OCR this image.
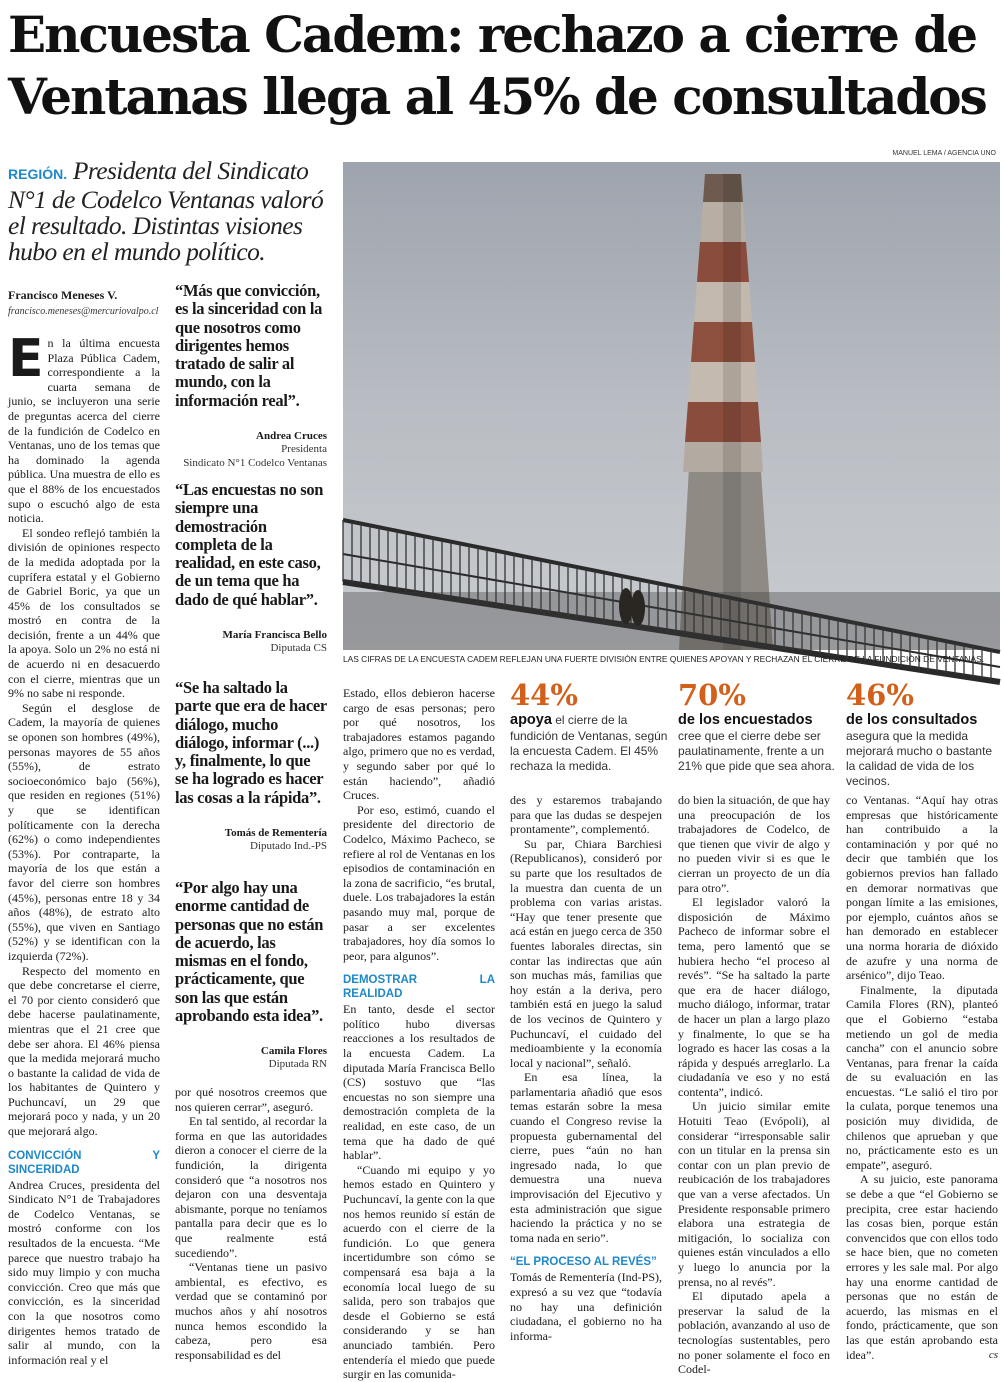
Encuesta Cadem: rechazo a cierre de
Ventanas llega al 45% de consultados
REGIÓN. Presidenta del Sindicato N°1 de Codelco Ventanas valoró el resultado. Distintas visiones hubo en el mundo político.
MANUEL LEMA / AGENCIA UNO
LAS CIFRAS DE LA ENCUESTA CADEM REFLEJAN UNA FUERTE DIVISIÓN ENTRE QUIENES APOYAN Y RECHAZAN EL CIERRE DE LA FUNDICIÓN DE VENTANAS.
Francisco Meneses V.
francisco.meneses@mercuriovalpo.cl
E n la última encuesta Plaza Pública Cadem, correspondiente a la cuarta semana de junio, se incluyeron una serie de preguntas acerca del cierre de la fundición de Codelco en Ventanas, uno de los temas que ha dominado la agenda pública. Una muestra de ello es que el 88% de los encuestados supo o escuchó algo de esta noticia.

El sondeo reflejó también la división de opiniones respecto de la medida adoptada por la cuprífera estatal y el Gobierno de Gabriel Boric, ya que un 45% de los consultados se mostró en contra de la decisión, frente a un 44% que la apoya. Solo un 2% no está ni de acuerdo ni en desacuerdo con el cierre, mientras que un 9% no sabe ni responde.

Según el desglose de Cadem, la mayoría de quienes se oponen son hombres (49%), personas mayores de 55 años (55%), de estrato socioeconómico bajo (56%), que residen en regiones (51%) y que se identifican políticamente con la derecha (62%) o como independientes (53%). Por contraparte, la mayoría de los que están a favor del cierre son hombres (45%), personas entre 18 y 34 años (48%), de estrato alto (55%), que viven en Santiago (52%) y se identifican con la izquierda (72%).

Respecto del momento en que debe concretarse el cierre, el 70 por ciento consideró que debe hacerse paulatinamente, mientras que el 21 cree que debe ser ahora. El 46% piensa que la medida mejorará mucho o bastante la calidad de vida de los habitantes de Quintero y Puchuncaví, un 29 que mejorará poco y nada, y un 20 que mejorará algo.

CONVICCIÓN Y SINCERIDAD

Andrea Cruces, presidenta del Sindicato N°1 de Trabajadores de Codelco Ventanas, se mostró conforme con los resultados de la encuesta. “Me parece que nuestro trabajo ha sido muy limpio y con mucha convicción. Creo que más que convicción, es la sinceridad con la que nosotros como dirigentes hemos tratado de salir al mundo, con la información real y el

por qué nosotros creemos que nos quieren cerrar”, aseguró.

En tal sentido, al recordar la forma en que las autoridades dieron a conocer el cierre de la fundición, la dirigenta consideró que “a nosotros nos dejaron con una desventaja abismante, porque no teníamos pantalla para decir que es lo que realmente está sucediendo”.

“Ventanas tiene un pasivo ambiental, es efectivo, es verdad que se contaminó por muchos años y ahí nosotros nunca hemos escondido la cabeza, pero esa responsabilidad es del

Estado, ellos debieron hacerse cargo de esas personas; pero por qué nosotros, los trabajadores estamos pagando algo, primero que no es verdad, y segundo saber por qué lo están haciendo”, añadió Cruces.

Por eso, estimó, cuando el presidente del directorio de Codelco, Máximo Pacheco, se refiere al rol de Ventanas en los episodios de contaminación en la zona de sacrificio, “es brutal, duele. Los trabajadores la están pasando muy mal, porque de pasar a ser excelentes trabajadores, hoy día somos lo peor, para algunos”.

DEMOSTRAR LA REALIDAD

En tanto, desde el sector político hubo diversas reacciones a los resultados de la encuesta Cadem. La diputada María Francisca Bello (CS) sostuvo que “las encuestas no son siempre una demostración completa de la realidad, en este caso, de un tema que ha dado de qué hablar”.

“Cuando mi equipo y yo hemos estado en Quintero y Puchuncaví, la gente con la que nos hemos reunido sí están de acuerdo con el cierre de la fundición. Lo que genera incertidumbre son cómo se compensará esa baja a la economía local luego de su salida, pero son trabajos que desde el Gobierno se está considerando y se han anunciado también. Pero entendería el miedo que puede surgir en las comunida-

des y estaremos trabajando para que las dudas se despejen prontamente”, complementó.

Su par, Chiara Barchiesi (Republicanos), consideró por su parte que los resultados de la muestra dan cuenta de un problema con varias aristas. “Hay que tener presente que acá están en juego cerca de 350 fuentes laborales directas, sin contar las indirectas que aún son muchas más, familias que hoy están a la deriva, pero también está en juego la salud de los vecinos de Quintero y Puchuncaví, el cuidado del medioambiente y la economía local y nacional”, señaló.

En esa línea, la parlamentaria añadió que esos temas estarán sobre la mesa cuando el Congreso revise la propuesta gubernamental del cierre, pues “aún no han ingresado nada, lo que demuestra una nueva improvisación del Ejecutivo y esta administración que sigue haciendo la práctica y no se toma nada en serio”.

“EL PROCESO AL REVÉS”

Tomás de Rementería (Ind-PS), expresó a su vez que “todavía no hay una definición ciudadana, el gobierno no ha informa-

do bien la situación, de que hay una preocupación de los trabajadores de Codelco, de que tienen que vivir de algo y no pueden vivir si es que le cierran un proyecto de un día para otro”.

El legislador valoró la disposición de Máximo Pacheco de informar sobre el tema, pero lamentó que se hubiera hecho “el proceso al revés”. “Se ha saltado la parte que era de hacer diálogo, mucho diálogo, informar, tratar de hacer un plan a largo plazo y finalmente, lo que se ha logrado es hacer las cosas a la rápida y después arreglarlo. La ciudadanía ve eso y no está contenta”, indicó.

Un juicio similar emite Hotuiti Teao (Evópoli), al considerar “irresponsable salir con un titular en la prensa sin contar con un plan previo de reubicación de los trabajadores que van a verse afectados. Un Presidente responsable primero elabora una estrategia de mitigación, lo socializa con quienes están vinculados a ello y luego lo anuncia por la prensa, no al revés”.

El diputado apela a preservar la salud de la población, avanzando al uso de tecnologías sustentables, pero no poner solamente el foco en Codel-

co Ventanas. “Aquí hay otras empresas que históricamente han contribuido a la contaminación y por qué no decir que también que los gobiernos previos han fallado en demorar normativas que pongan límite a las emisiones, por ejemplo, cuántos años se han demorado en establecer una norma horaria de dióxido de azufre y una norma de arsénico”, dijo Teao.

Finalmente, la diputada Camila Flores (RN), planteó que el Gobierno “estaba metiendo un gol de media cancha” con el anuncio sobre Ventanas, para frenar la caída de su evaluación en las encuestas. “Le salió el tiro por la culata, porque tenemos una posición muy dividida, de chilenos que aprueban y que no, prácticamente esto es un empate”, aseguró.

A su juicio, este panorama se debe a que “el Gobierno se precipita, cree estar haciendo las cosas bien, porque están convencidos que con ellos todo se hace bien, que no cometen errores y les sale mal. Por algo hay una enorme cantidad de personas que no están de acuerdo, las mismas en el fondo, prácticamente, que son las que están aprobando esta idea”.	cs

“Más que convicción, es la sinceridad con la que nosotros como dirigentes hemos tratado de salir al mundo, con la información real”.
Andrea Cruces
Presidenta
Sindicato N°1 Codelco Ventanas
“Las encuestas no son siempre una demostración completa de la realidad, en este caso, de un tema que ha dado de qué hablar”.
María Francisca Bello
Diputada CS
“Se ha saltado la parte que era de hacer diálogo, mucho diálogo, informar (...) y, finalmente, lo que se ha logrado es hacer las cosas a la rápida”.
Tomás de Rementería
Diputado Ind.-PS
“Por algo hay una enorme cantidad de personas que no están de acuerdo, las mismas en el fondo, prácticamente, que son las que están aprobando esta idea”.
Camila Flores
Diputada RN
44%
apoya el cierre de la fundición de Ventanas, según la encuesta Cadem. El 45% rechaza la medida.
70%
de los encuestados
cree que el cierre debe ser paulatinamente, frente a un 21% que pide que sea ahora.
46%
de los consultados
asegura que la medida mejorará mucho o bastante la calidad de vida de los vecinos.
